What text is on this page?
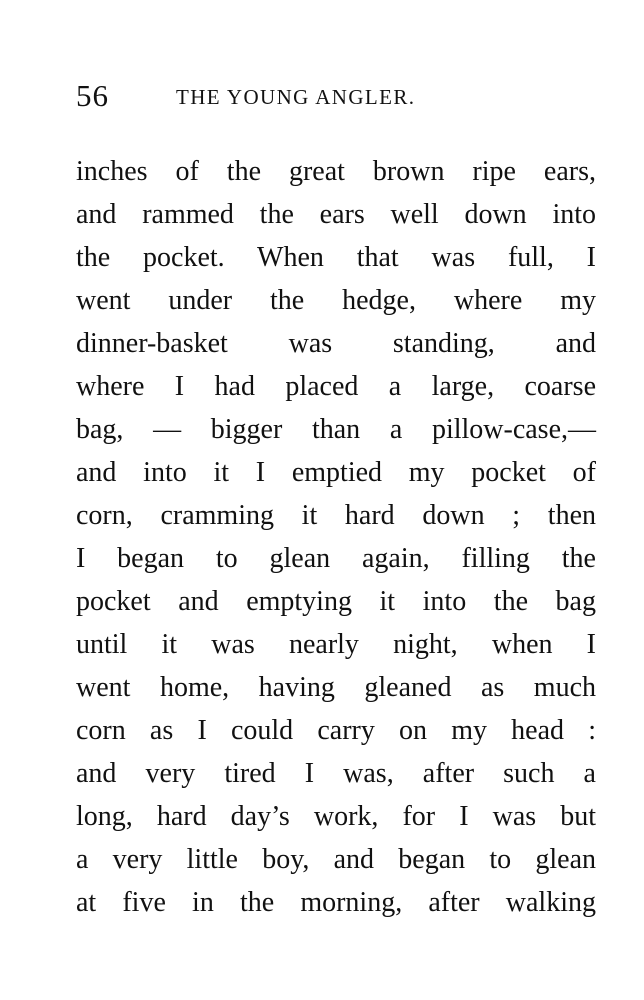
56	THE YOUNG ANGLER.
inches of the great brown ripe ears,
and rammed the ears well down into
the pocket. When that was full, I
went under the hedge, where my
dinner-basket was standing, and
where I had placed a large, coarse
bag, — bigger than a pillow-case,—
and into it I emptied my pocket of
corn, cramming it hard down ; then
I began to glean again, filling the
pocket and emptying it into the bag
until it was nearly night, when I
went home, having gleaned as much
corn as I could carry on my head :
and very tired I was, after such a
long, hard day’s work, for I was but
a very little boy, and began to glean
at five in the morning, after walking
